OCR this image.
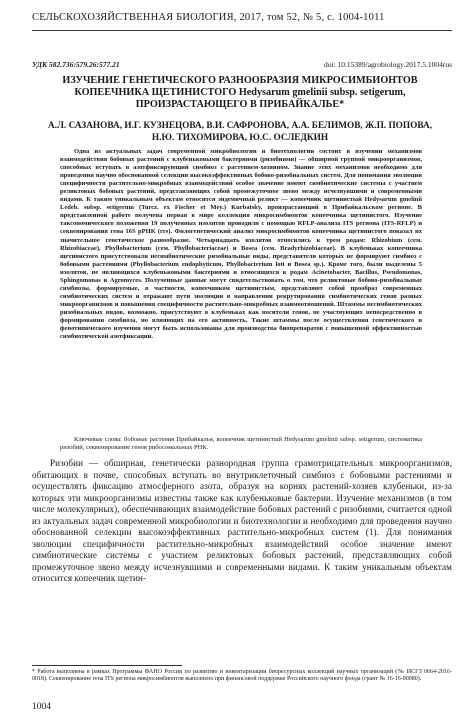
СЕЛЬСКОХОЗЯЙСТВЕННАЯ БИОЛОГИЯ, 2017, том 52, № 5, с. 1004-1011
УДК 582.736:579.26:577.21	doi: 10.15389/agrobiology.2017.5.1004rus

ИЗУЧЕНИЕ ГЕНЕТИЧЕСКОГО РАЗНООБРАЗИЯ МИКРОСИМБИОНТОВ КОПЕЕЧНИКА ЩЕТИНИСТОГО Hedysarum gmelinii subsp. setigerum, ПРОИЗРАСТАЮЩЕГО В ПРИБАЙКАЛЬЕ*

А.Л. САЗАНОВА, И.Г. КУЗНЕЦОВА, В.И. САФРОНОВА, А.А. БЕЛИМОВ, Ж.П. ПОПОВА, Н.Ю. ТИХОМИРОВА, Ю.С. ОСЛЕДКИН

Одна из актуальных задач современной микробиологии и биотехнологии состоит в изучении механизмов взаимодействия бобовых растений с клубеньковыми бактериями (ризобиями) — обширной группой микроорганизмов, способных вступать в азотфиксирующий симбиоз с растением-хозяином. Знание этих механизмов необходимо для проведения научно обоснованной селекции высокоэффективных бобово-ризобиальных систем. Для понимания эволюции специфичности растительно-микробных взаимодействий особое значение имеют симбиотические системы с участием реликтовых бобовых растений, представляющих собой промежуточное звено между исчезнувшими и современными видами. К таким уникальным объектам относится эндемичный реликт — копеечник щетинистый Hedysarum gmelinii Ledeb. subsp. setigerum (Turcz. ex Fischer et Mey.) Kurbatsky, произрастающий в Прибайкальском регионе. В представленной работе получена первая в мире коллекция микросимбионтов копеечника щетинистого. Изучение таксономического положения 19 полученных изолятов проводили с помощью RFLP-анализа ITS региона (ITS-RFLP) и секвенирования гена 16S рРНК (rrs). Филогенетический анализ микросимбионтов копеечника щетинистого показал их значительное генетическое разнообразие. Четырнадцать изолятов относились к трем родам: Rhizobium (сем. Rhizobiaceae), Phyllobacterium (сем. Phyllobacteriaceae) и Bosea (сем. Bradyrhizobiaceae). В клубеньках копеечника щетинистого присутствовали несимбиотические ризобиальные виды, представители которых не формируют симбиоз с бобовыми растениями (Phyllobacterium endophyticum, Phyllobacterium loti и Bosea sp.). Кроме того, были выделены 5 изолятов, не являющихся клубеньковыми бактериями и относящихся к родам Acinetobacter, Bacillus, Pseudomonas, Sphingomonas и Agromyces. Полученные данные могут свидетельствовать о том, что реликтовые бобово-ризобиальные симбиозы, формируемые, в частности, копеечником щетинистым, представляют собой прообраз современных симбиотических систем и отражают пути эволюции в направлении рекрутирования симбиотических генов разных микроорганизмов и повышения специфичности растительно-микробных взаимоотношений. Штаммы несимбиотических ризобиальных видов, возможно, присутствуют в клубеньках как носители генов, не участвующих непосредственно в формировании симбиоза, но влияющих на его активность. Такие штаммы после осуществления генетического и фенотипического изучения могут быть использованы для производства биопрепаратов с повышенной эффективностью симбиотической азотфиксации.

Ключевые слова: бобовые растения Прибайкалья, копеечник щетинистый Hedysarum gmelinii subsp. setigerum, систематика ризобий, секвенирование генов рибосомальных РНК.

Ризобии — обширная, генетически разнородная группа грамотрицательных микроорганизмов, обитающих в почве, способных вступать во внутриклеточный симбиоз с бобовыми растениями и осуществлять фиксацию атмосферного азота, образуя на корнях растений-хозяев клубеньки, из-за которых эти микроорганизмы известны также как клубеньковые бактерии. Изучение механизмов (в том числе молекулярных), обеспечивающих взаимодействие бобовых растений с ризобиями, считается одной из актуальных задач современной микробиологии и биотехнологии и необходимо для проведения научно обоснованной селекции высокоэффективных растительно-микробных систем (1). Для понимания эволюции специфичности растительно-микробных взаимодействий особое значение имеют симбиотические системы с участием реликтовых бобовых растений, представляющих собой промежуточное звено между исчезнувшими и современными видами. К таким уникальным объектам относится копеечник щетин-

* Работа выполнена в рамках Программы ФАНО России по развитию и инвентаризации биоресурсных коллекций научных организаций (№ ИСГЗ 0664-2016-0018). Секвенирование гена ITS региона микросимбионтов выполнено при финансовой поддержке Российского научного фонда (грант № 16-16-00080).

1004
